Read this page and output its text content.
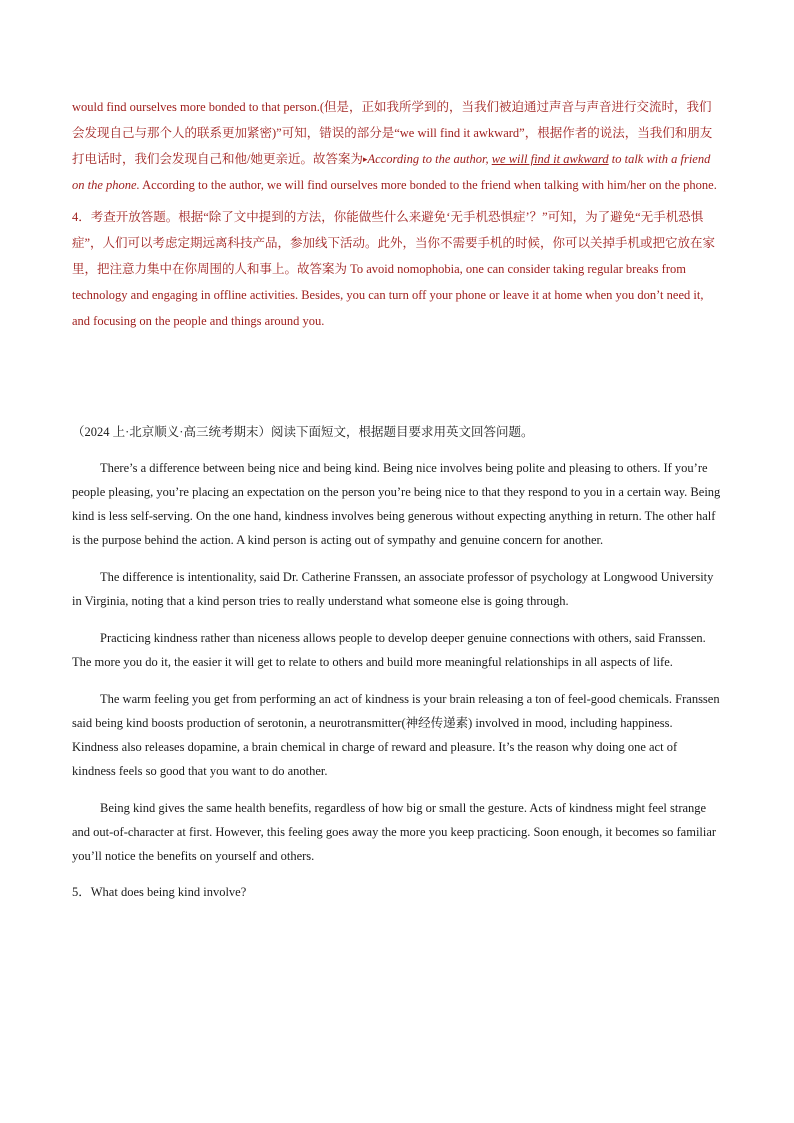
would find ourselves more bonded to that person.(但是，正如我所学到的，当我们被迫通过声音与声音进行交流时，我们会发现自己与那个人的联系更加紧密)”可知，错误的部分是“we will find it awkward”，根据作者的说法，当我们和朋友打电话时，我们会发现自己和他/她更亲近。故答案为▸According to the author, we will find it awkward to talk with a friend on the phone. According to the author, we will find ourselves more bonded to the friend when talking with him/her on the phone.

4．考查开放答题。根据“除了文中提到的方法，你能做些什么来避免‘无手机恐惧症’？”可知，为了避免“无手机恐惧症”，人们可以考虑定期远离科技产品，参加线下活动。此外，当你不需要手机的时候，你可以关掉手机或把它放在家里，把注意力集中在你周围的人和事上。故答案为 To avoid nomophobia, one can consider taking regular breaks from technology and engaging in offline activities. Besides, you can turn off your phone or leave it at home when you don’t need it, and focusing on the people and things around you.

（2024 上·北京顺义·高三统考期末）阅读下面短文，根据题目要求用英文回答问题。

There’s a difference between being nice and being kind. Being nice involves being polite and pleasing to others. If you’re people pleasing, you’re placing an expectation on the person you’re being nice to that they respond to you in a certain way. Being kind is less self-serving. On the one hand, kindness involves being generous without expecting anything in return. The other half is the purpose behind the action. A kind person is acting out of sympathy and genuine concern for another.

The difference is intentionality, said Dr. Catherine Franssen, an associate professor of psychology at Longwood University in Virginia, noting that a kind person tries to really understand what someone else is going through.

Practicing kindness rather than niceness allows people to develop deeper genuine connections with others, said Franssen. The more you do it, the easier it will get to relate to others and build more meaningful relationships in all aspects of life.

The warm feeling you get from performing an act of kindness is your brain releasing a ton of feel-good chemicals. Franssen said being kind boosts production of serotonin, a neurotransmitter(神经传递素) involved in mood, including happiness. Kindness also releases dopamine, a brain chemical in charge of reward and pleasure. It’s the reason why doing one act of kindness feels so good that you want to do another.

Being kind gives the same health benefits, regardless of how big or small the gesture. Acts of kindness might feel strange and out-of-character at first. However, this feeling goes away the more you keep practicing. Soon enough, it becomes so familiar you’ll notice the benefits on yourself and others.

5．What does being kind involve?
